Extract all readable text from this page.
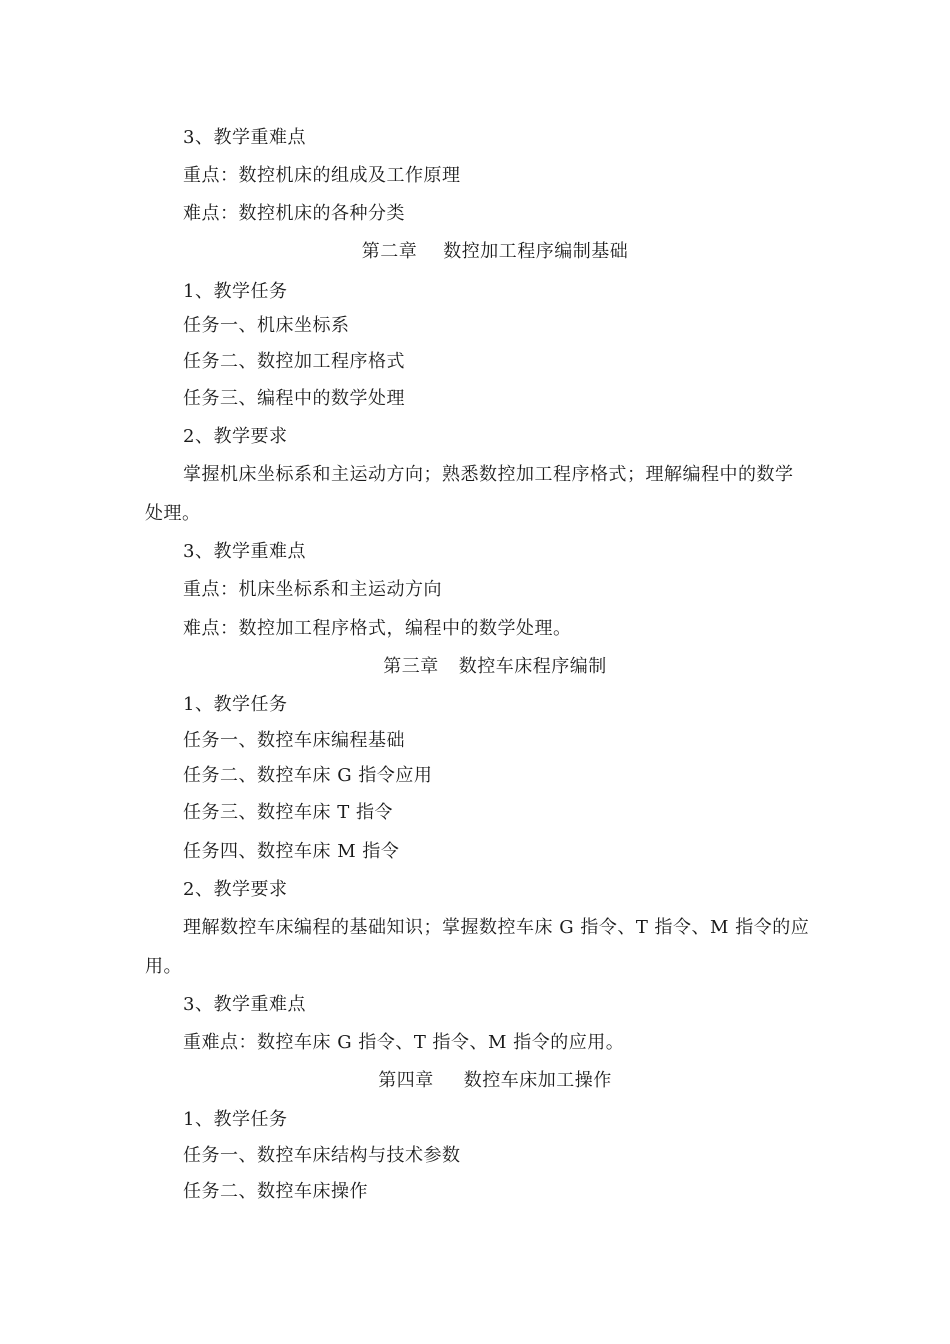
3、教学重难点
重点：数控机床的组成及工作原理
难点：数控机床的各种分类
第二章 数控加工程序编制基础
1、教学任务
任务一、机床坐标系
任务二、数控加工程序格式
任务三、编程中的数学处理
2、教学要求
掌握机床坐标系和主运动方向；熟悉数控加工程序格式；理解编程中的数学
处理。
3、教学重难点
重点：机床坐标系和主运动方向
难点：数控加工程序格式，编程中的数学处理。
第三章 数控车床程序编制
1、教学任务
任务一、数控车床编程基础
任务二、数控车床 G 指令应用
任务三、数控车床 T 指令
任务四、数控车床 M 指令
2、教学要求
理解数控车床编程的基础知识；掌握数控车床 G 指令、T 指令、M 指令的应
用。
3、教学重难点
重难点：数控车床 G 指令、T 指令、M 指令的应用。
第四章 数控车床加工操作
1、教学任务
任务一、数控车床结构与技术参数
任务二、数控车床操作
